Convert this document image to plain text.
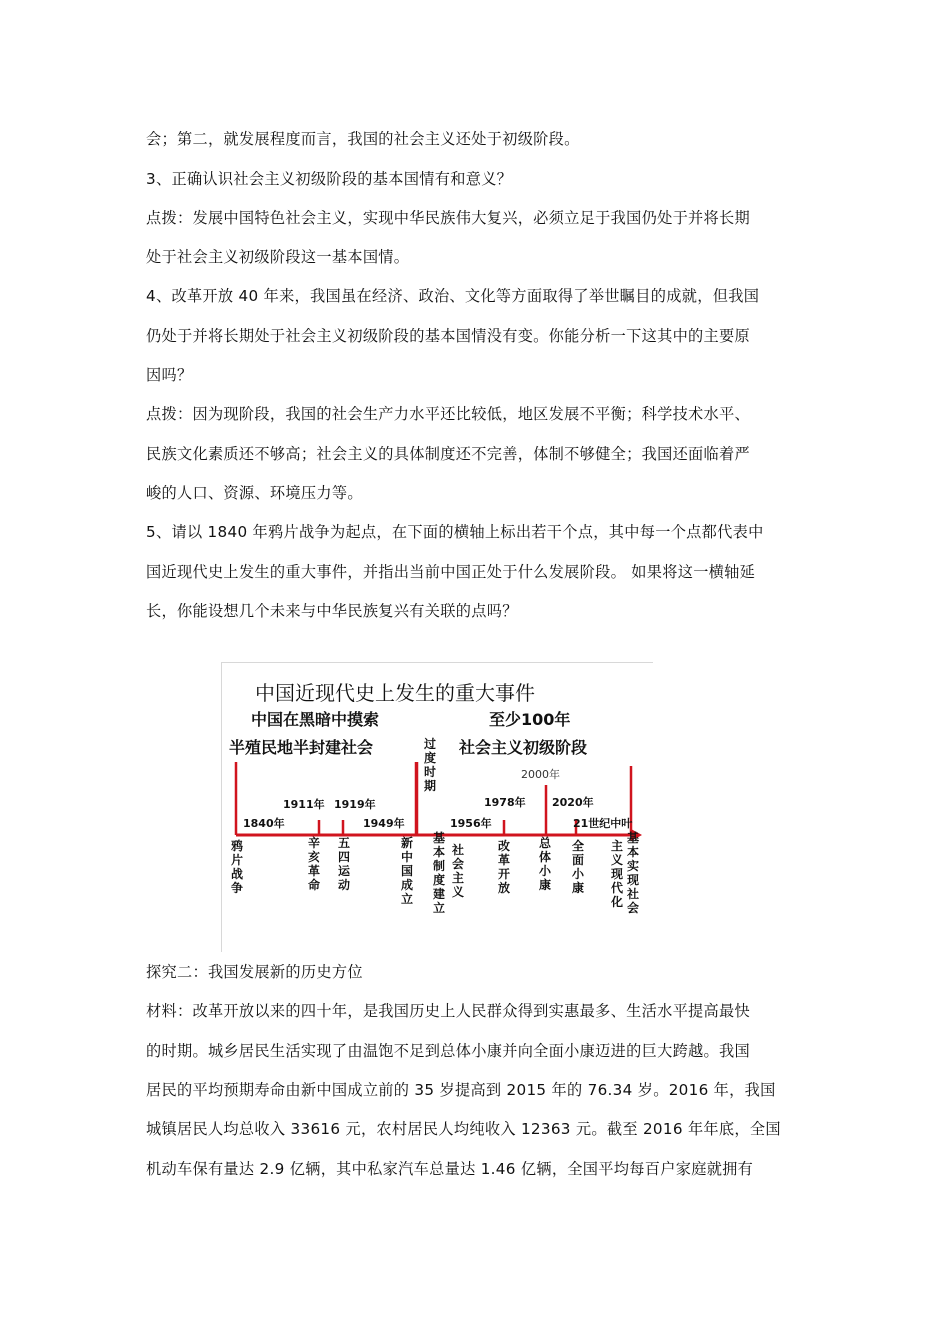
会；第二，就发展程度而言，我国的社会主义还处于初级阶段。
3、正确认识社会主义初级阶段的基本国情有和意义？
点拨：发展中国特色社会主义，实现中华民族伟大复兴，必须立足于我国仍处于并将长期
处于社会主义初级阶段这一基本国情。
4、改革开放 40 年来，我国虽在经济、政治、文化等方面取得了举世瞩目的成就，但我国
仍处于并将长期处于社会主义初级阶段的基本国情没有变。你能分析一下这其中的主要原
因吗？
点拨：因为现阶段，我国的社会生产力水平还比较低，地区发展不平衡；科学技术水平、
民族文化素质还不够高；社会主义的具体制度还不完善，体制不够健全；我国还面临着严
峻的人口、资源、环境压力等。
5、请以 1840 年鸦片战争为起点，在下面的横轴上标出若干个点，其中每一个点都代表中
国近现代史上发生的重大事件，并指出当前中国正处于什么发展阶段。 如果将这一横轴延
长，你能设想几个未来与中华民族复兴有关联的点吗？
中国近现代史上发生的重大事件
中国在黑暗中摸索
半殖民地半封建社会
至少100年
社会主义初级阶段
2000年
过
度
时
期
1840年
1911年 1919年
1949年	1956年
1978年 2020年
21世纪中叶
鸦
片
战
争
辛
亥
革
命
五
四
运
动
新
中
国
成
立
基
本
制
度
建
立
社
会
主
义
改
革
开
放
总
体
小
康
全
面
小
康
主
义
现
代
化
基
本
实
现
社
会
探究二：我国发展新的历史方位
材料：改革开放以来的四十年，是我国历史上人民群众得到实惠最多、生活水平提高最快
的时期。城乡居民生活实现了由温饱不足到总体小康并向全面小康迈进的巨大跨越。我国
居民的平均预期寿命由新中国成立前的 35 岁提高到 2015 年的 76.34 岁。2016 年，我国
城镇居民人均总收入 33616 元，农村居民人均纯收入 12363 元。截至 2016 年年底，全国
机动车保有量达 2.9 亿辆，其中私家汽车总量达 1.46 亿辆，全国平均每百户家庭就拥有
